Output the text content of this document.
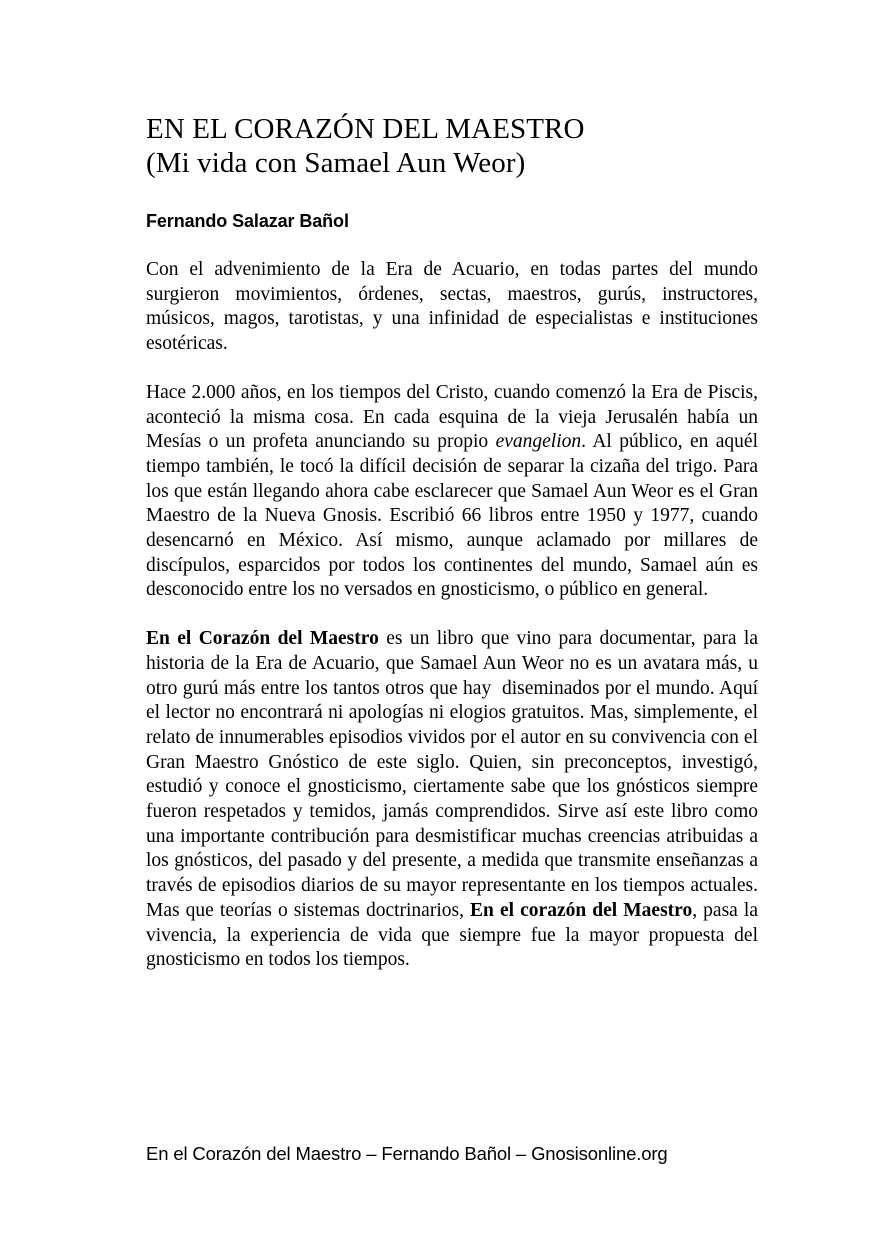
EN EL CORAZÓN DEL MAESTRO
(Mi vida con Samael Aun Weor)

Fernando Salazar Bañol

Con el advenimiento de la Era de Acuario, en todas partes del mundo surgieron movimientos, órdenes, sectas, maestros, gurús, instructores, músicos, magos, tarotistas, y una infinidad de especialistas e instituciones esotéricas.

Hace 2.000 años, en los tiempos del Cristo, cuando comenzó la Era de Piscis, aconteció la misma cosa. En cada esquina de la vieja Jerusalén había un Mesías o un profeta anunciando su propio evangelion. Al público, en aquél tiempo también, le tocó la difícil decisión de separar la cizaña del trigo. Para los que están llegando ahora cabe esclarecer que Samael Aun Weor es el Gran Maestro de la Nueva Gnosis. Escribió 66 libros entre 1950 y 1977, cuando desencarnó en México. Así mismo, aunque aclamado por millares de discípulos, esparcidos por todos los continentes del mundo, Samael aún es desconocido entre los no versados en gnosticismo, o público en general.

En el Corazón del Maestro es un libro que vino para documentar, para la historia de la Era de Acuario, que Samael Aun Weor no es un avatara más, u otro gurú más entre los tantos otros que hay  diseminados por el mundo. Aquí el lector no encontrará ni apologías ni elogios gratuitos. Mas, simplemente, el relato de innumerables episodios vividos por el autor en su convivencia con el Gran Maestro Gnóstico de este siglo. Quien, sin preconceptos, investigó, estudió y conoce el gnosticismo, ciertamente sabe que los gnósticos siempre fueron respetados y temidos, jamás comprendidos. Sirve así este libro como una importante contribución para desmistificar muchas creencias atribuidas a los gnósticos, del pasado y del presente, a medida que transmite enseñanzas a través de episodios diarios de su mayor representante en los tiempos actuales. Mas que teorías o sistemas doctrinarios, En el corazón del Maestro, pasa la vivencia, la experiencia de vida que siempre fue la mayor propuesta del gnosticismo en todos los tiempos.

En el Corazón del Maestro – Fernando Bañol – Gnosisonline.org
